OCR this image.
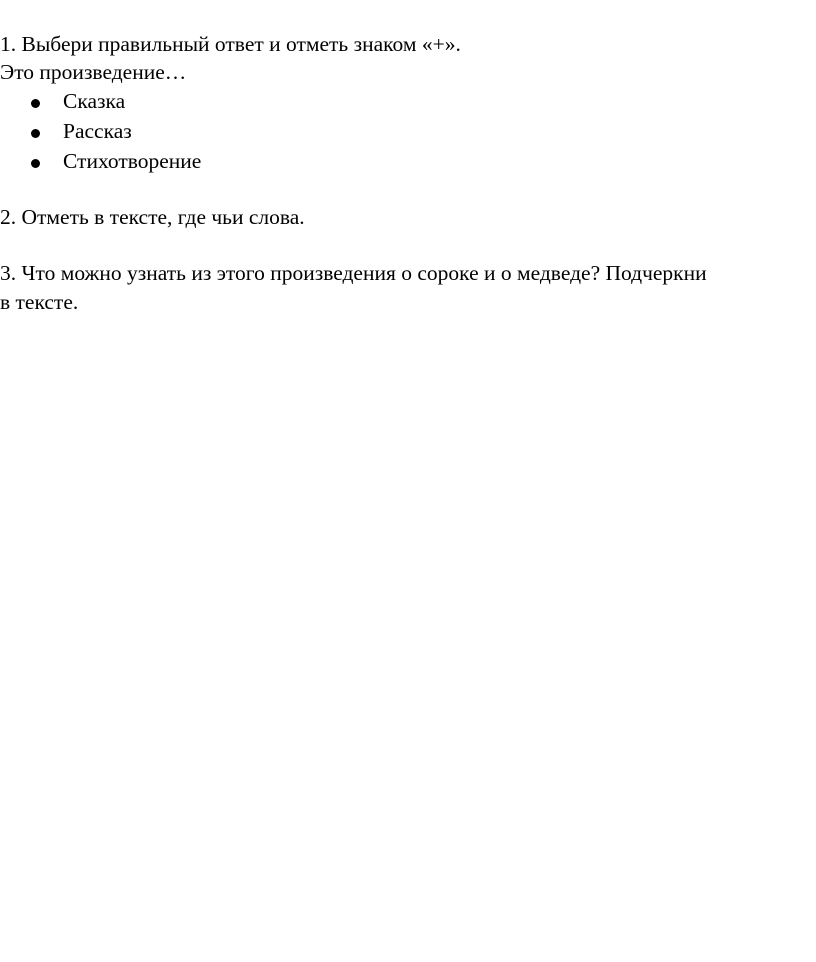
1. Выбери правильный ответ и отметь знаком «+».
Это произведение…
Сказка
Рассказ
Стихотворение
2. Отметь в тексте, где чьи слова.
3. Что можно узнать из этого произведения о сороке и о медведе? Подчеркни
в тексте.
